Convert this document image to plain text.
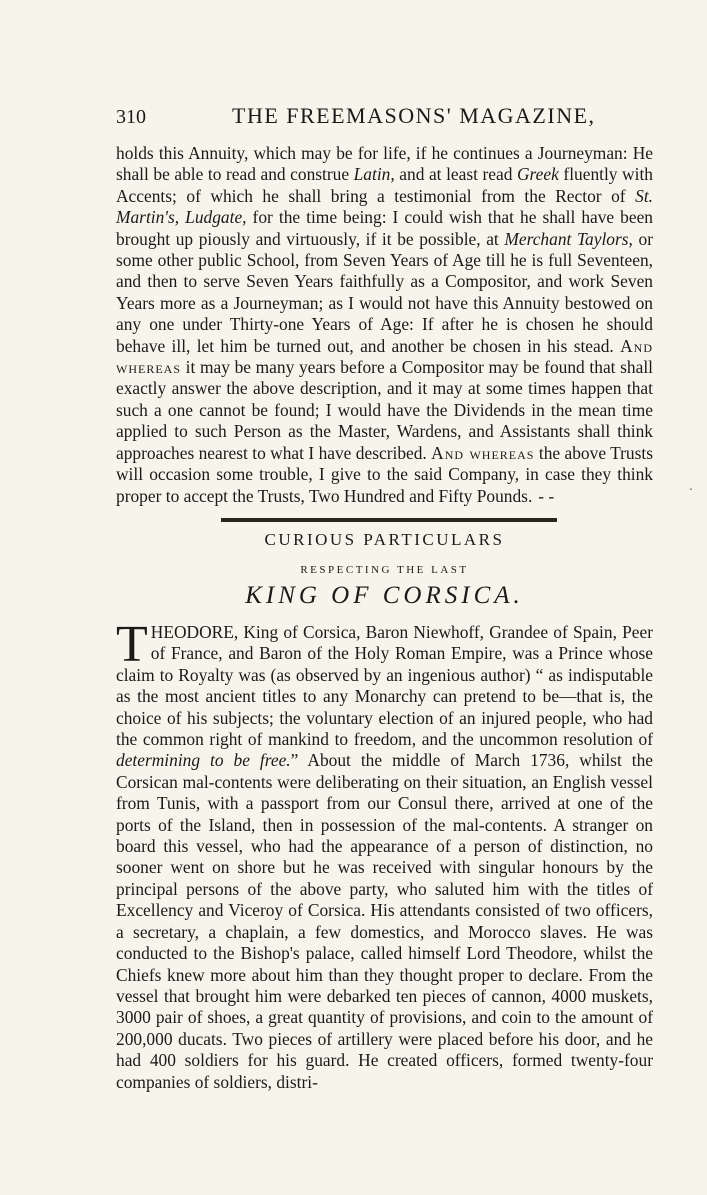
310	THE FREEMASONS' MAGAZINE,

holds this Annuity, which may be for life, if he continues a Journeyman: He shall be able to read and construe Latin, and at least read Greek fluently with Accents; of which he shall bring a testimonial from the Rector of St. Martin's, Ludgate, for the time being: I could wish that he shall have been brought up piously and virtuously, if it be possible, at Merchant Taylors, or some other public School, from Seven Years of Age till he is full Seventeen, and then to serve Seven Years faithfully as a Compositor, and work Seven Years more as a Journeyman; as I would not have this Annuity bestowed on any one under Thirty-one Years of Age: If after he is chosen he should behave ill, let him be turned out, and another be chosen in his stead. And whereas it may be many years before a Compositor may be found that shall exactly answer the above description, and it may at some times happen that such a one cannot be found; I would have the Dividends in the mean time applied to such Person as the Master, Wardens, and Assistants shall think approaches nearest to what I have described. And whereas the above Trusts will occasion some trouble, I give to the said Company, in case they think proper to accept the Trusts, Two Hundred and Fifty Pounds. - -	.
CURIOUS PARTICULARS
RESPECTING THE LAST
KING OF CORSICA.

THEODORE, King of Corsica, Baron Niewhoff, Grandee of Spain, Peer of France, and Baron of the Holy Roman Empire, was a Prince whose claim to Royalty was (as observed by an ingenious author) “ as indisputable as the most ancient titles to any Monarchy can pretend to be—that is, the choice of his subjects; the voluntary election of an injured people, who had the common right of mankind to freedom, and the uncommon resolution of determining to be free.” About the middle of March 1736, whilst the Corsican mal-contents were deliberating on their situation, an English vessel from Tunis, with a passport from our Consul there, arrived at one of the ports of the Island, then in possession of the mal-contents. A stranger on board this vessel, who had the appearance of a person of distinction, no sooner went on shore but he was received with singular honours by the principal persons of the above party, who saluted him with the titles of Excellency and Viceroy of Corsica. His attendants consisted of two officers, a secretary, a chaplain, a few domestics, and Morocco slaves. He was conducted to the Bishop's palace, called himself Lord Theodore, whilst the Chiefs knew more about him than they thought proper to declare. From the vessel that brought him were debarked ten pieces of cannon, 4000 muskets, 3000 pair of shoes, a great quantity of provisions, and coin to the amount of 200,000 ducats. Two pieces of artillery were placed before his door, and he had 400 soldiers for his guard. He created officers, formed twenty-four companies of soldiers, distri-
